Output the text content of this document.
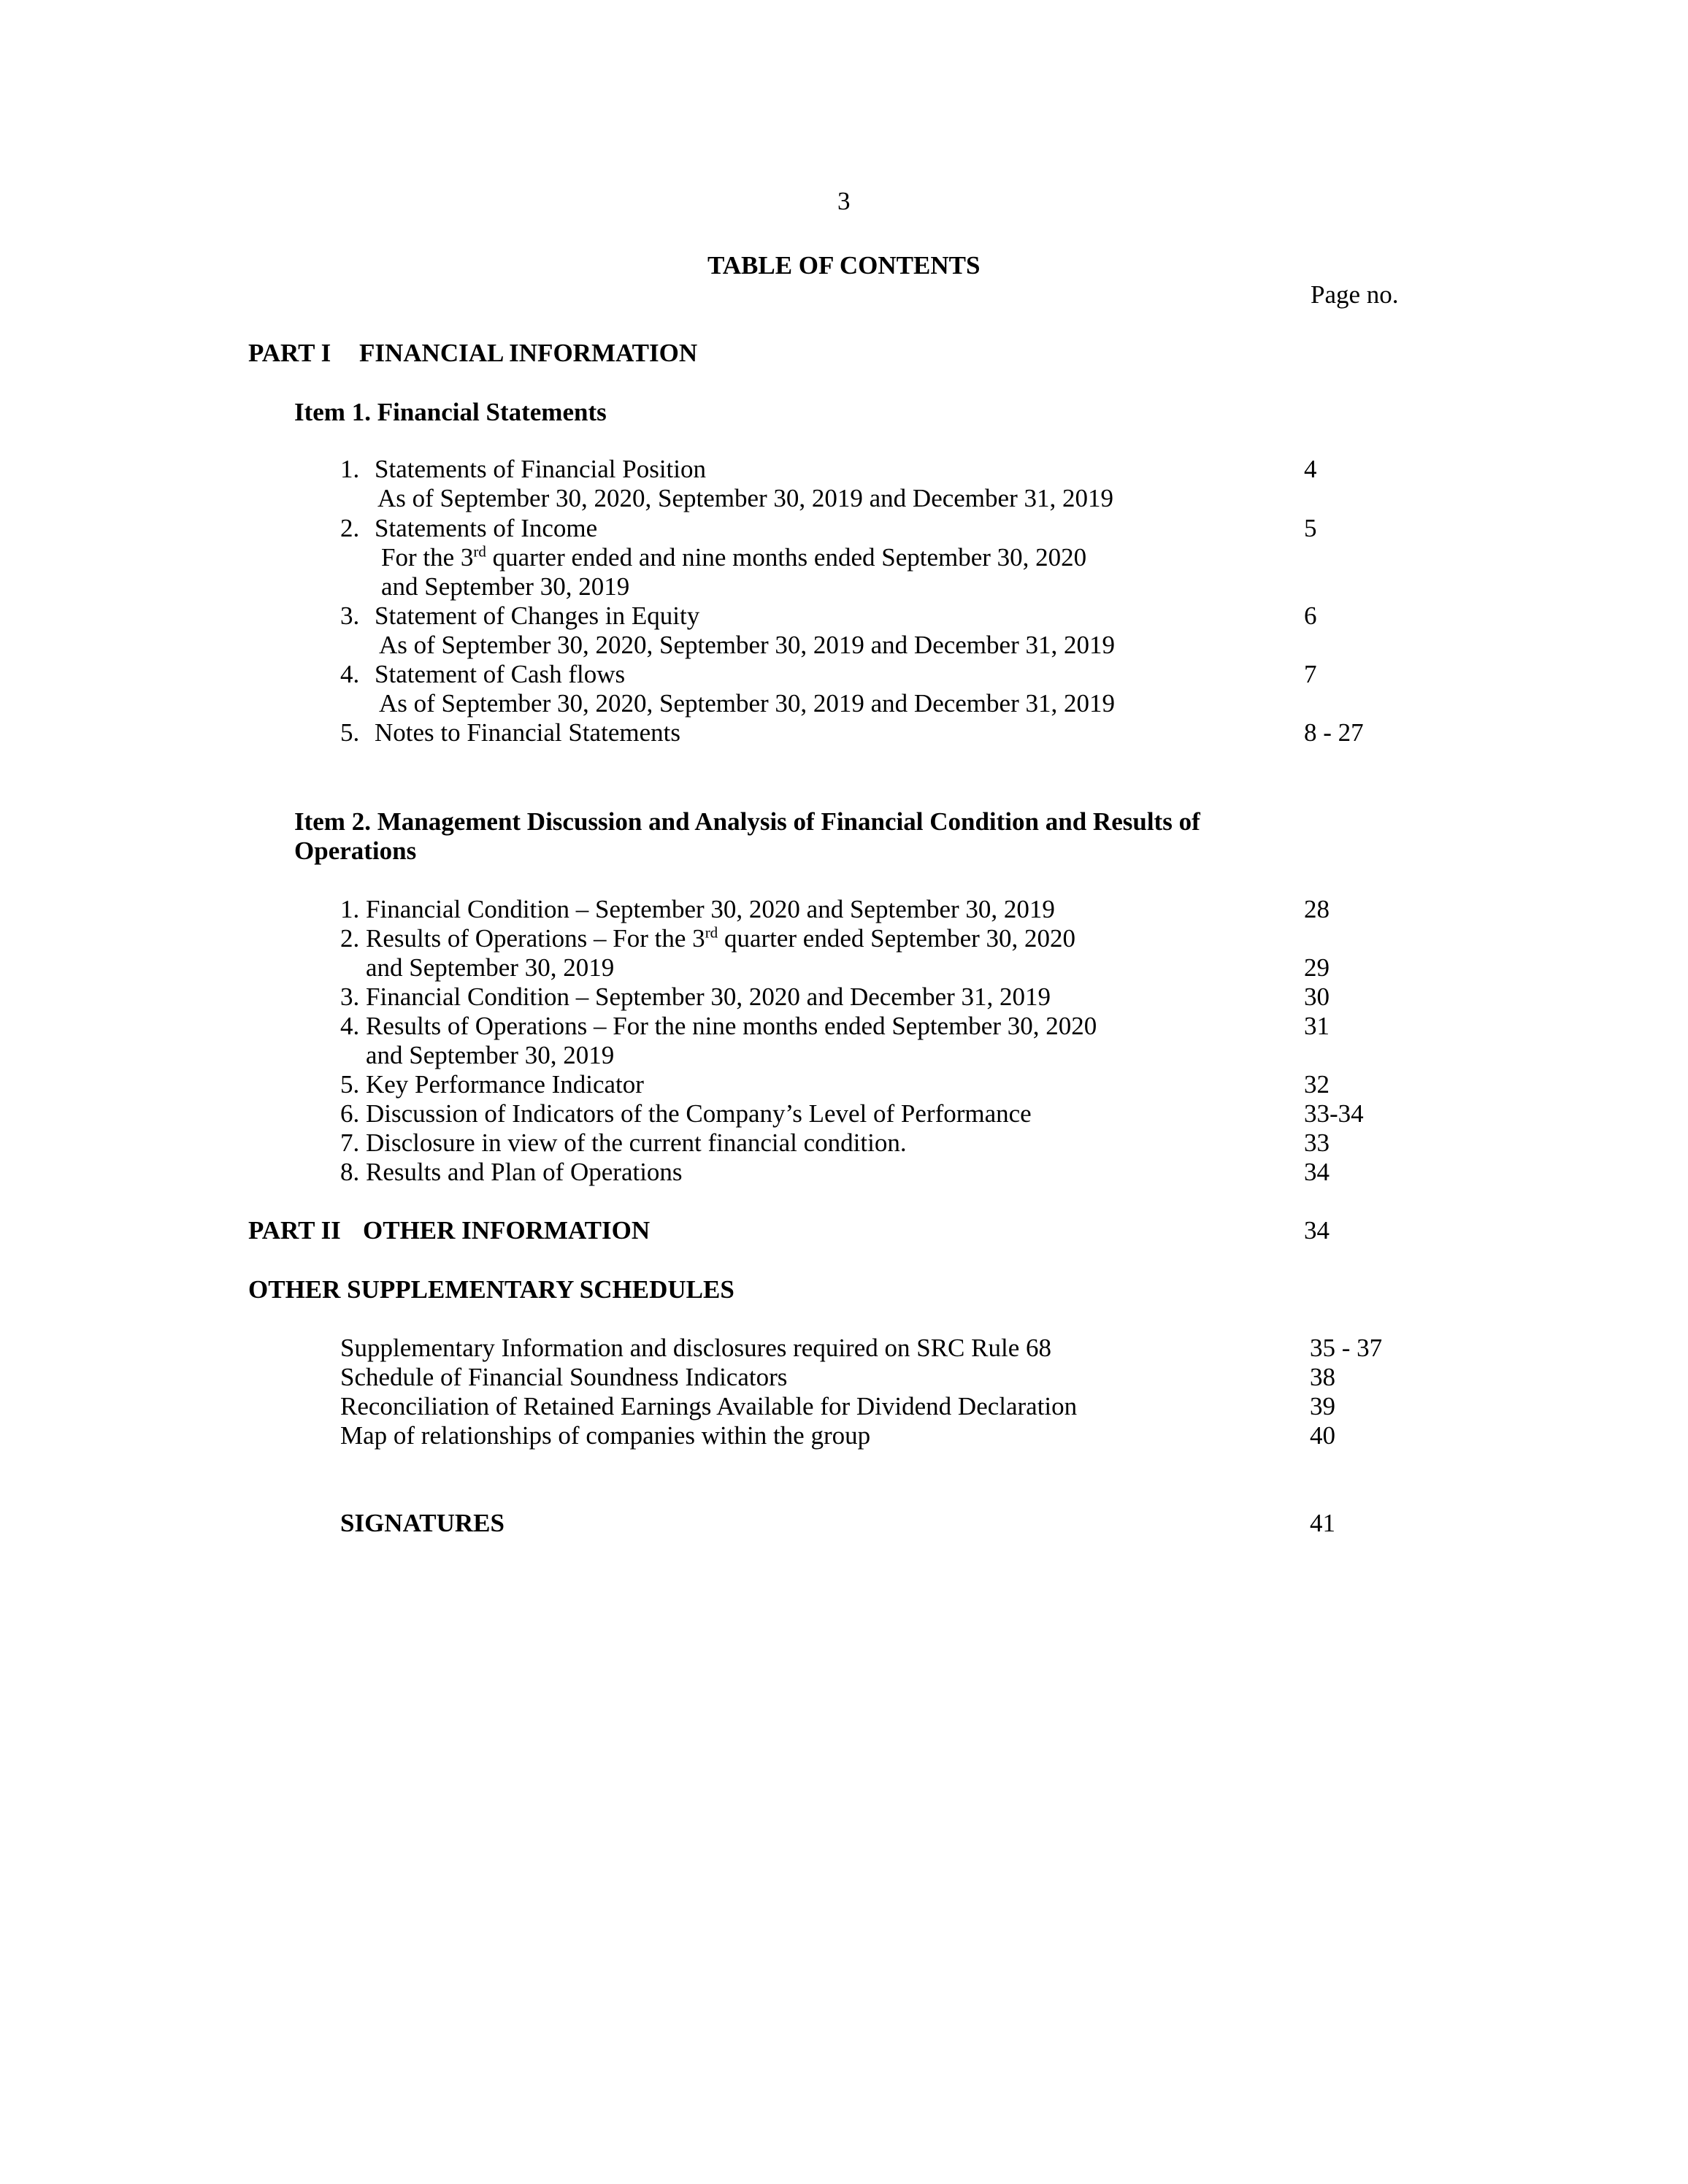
3
TABLE OF CONTENTS
Page no.
PART I FINANCIAL INFORMATION
Item 1. Financial Statements
1. Statements of Financial Position	4
As of September 30, 2020, September 30, 2019 and December 31, 2019
2. Statements of Income	5
For the 3rd quarter ended and nine months ended September 30, 2020
and September 30, 2019
3. Statement of Changes in Equity	6
As of September 30, 2020, September 30, 2019 and December 31, 2019
4. Statement of Cash flows	7
As of September 30, 2020, September 30, 2019 and December 31, 2019
5. Notes to Financial Statements	8 - 27
Item 2. Management Discussion and Analysis of Financial Condition and Results of
Operations
1. Financial Condition – September 30, 2020 and September 30, 2019	28
2. Results of Operations – For the 3rd quarter ended September 30, 2020
and September 30, 2019	29
3. Financial Condition – September 30, 2020 and December 31, 2019	30
4. Results of Operations – For the nine months ended September 30, 2020	31
and September 30, 2019
5. Key Performance Indicator	32
6. Discussion of Indicators of the Company’s Level of Performance	33-34
7. Disclosure in view of the current financial condition.	33
8. Results and Plan of Operations	34
PART II OTHER INFORMATION	34
OTHER SUPPLEMENTARY SCHEDULES
Supplementary Information and disclosures required on SRC Rule 68	35 - 37
Schedule of Financial Soundness Indicators	38
Reconciliation of Retained Earnings Available for Dividend Declaration	39
Map of relationships of companies within the group	40
SIGNATURES	41
